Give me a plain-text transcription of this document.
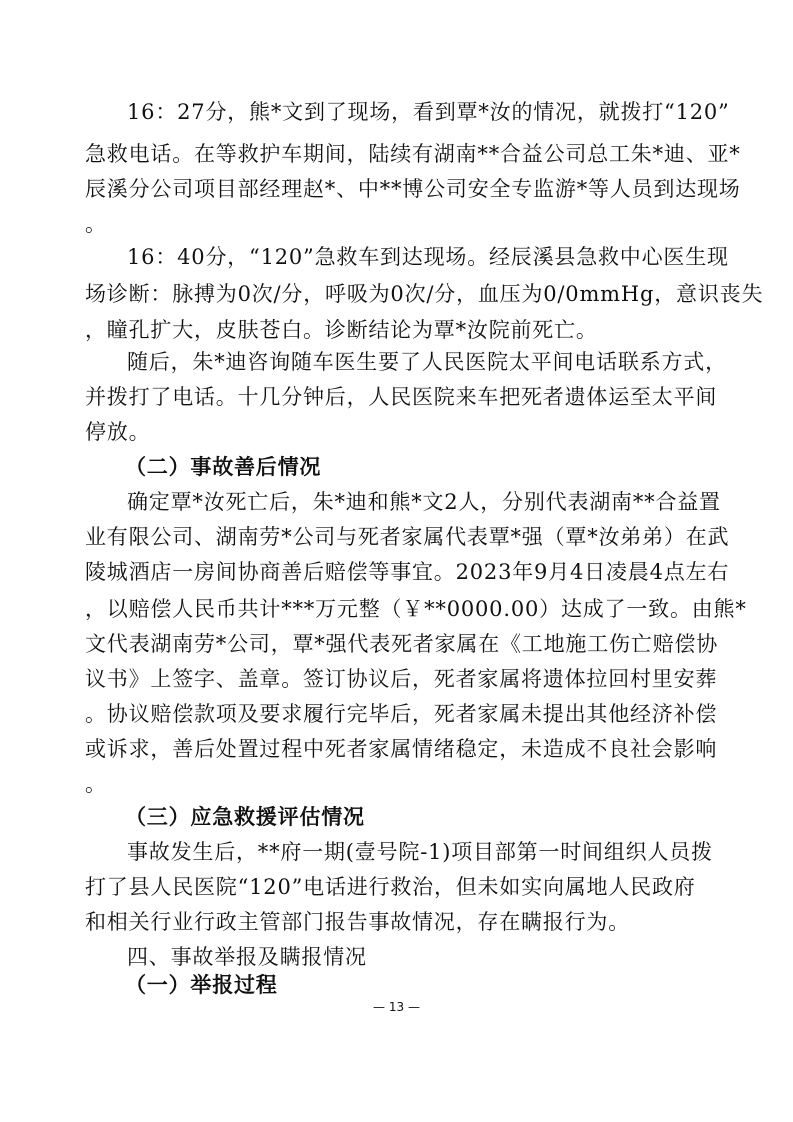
16：27分，熊*文到了现场，看到覃*汝的情况，就拨打“120”
急救电话。在等救护车期间，陆续有湖南**合益公司总工朱*迪、亚*
辰溪分公司项目部经理赵*、中**博公司安全专监游*等人员到达现场
。
16：40分，“120”急救车到达现场。经辰溪县急救中心医生现
场诊断：脉搏为0次/分，呼吸为0次/分，血压为0/0mmHg，意识丧失
，瞳孔扩大，皮肤苍白。诊断结论为覃*汝院前死亡。
随后，朱*迪咨询随车医生要了人民医院太平间电话联系方式，
并拨打了电话。十几分钟后，人民医院来车把死者遗体运至太平间
停放。
（二）事故善后情况
确定覃*汝死亡后，朱*迪和熊*文2人，分别代表湖南**合益置
业有限公司、湖南劳*公司与死者家属代表覃*强（覃*汝弟弟）在武
陵城酒店一房间协商善后赔偿等事宜。2023年9月4日凌晨4点左右
，以赔偿人民币共计***万元整（￥**0000.00）达成了一致。由熊*
文代表湖南劳*公司，覃*强代表死者家属在《工地施工伤亡赔偿协
议书》上签字、盖章。签订协议后，死者家属将遗体拉回村里安葬
。协议赔偿款项及要求履行完毕后，死者家属未提出其他经济补偿
或诉求，善后处置过程中死者家属情绪稳定，未造成不良社会影响
。
（三）应急救援评估情况
事故发生后，**府一期(壹号院-1)项目部第一时间组织人员拨
打了县人民医院“120”电话进行救治，但未如实向属地人民政府
和相关行业行政主管部门报告事故情况，存在瞒报行为。
四、事故举报及瞒报情况
（一）举报过程
— 13 —
